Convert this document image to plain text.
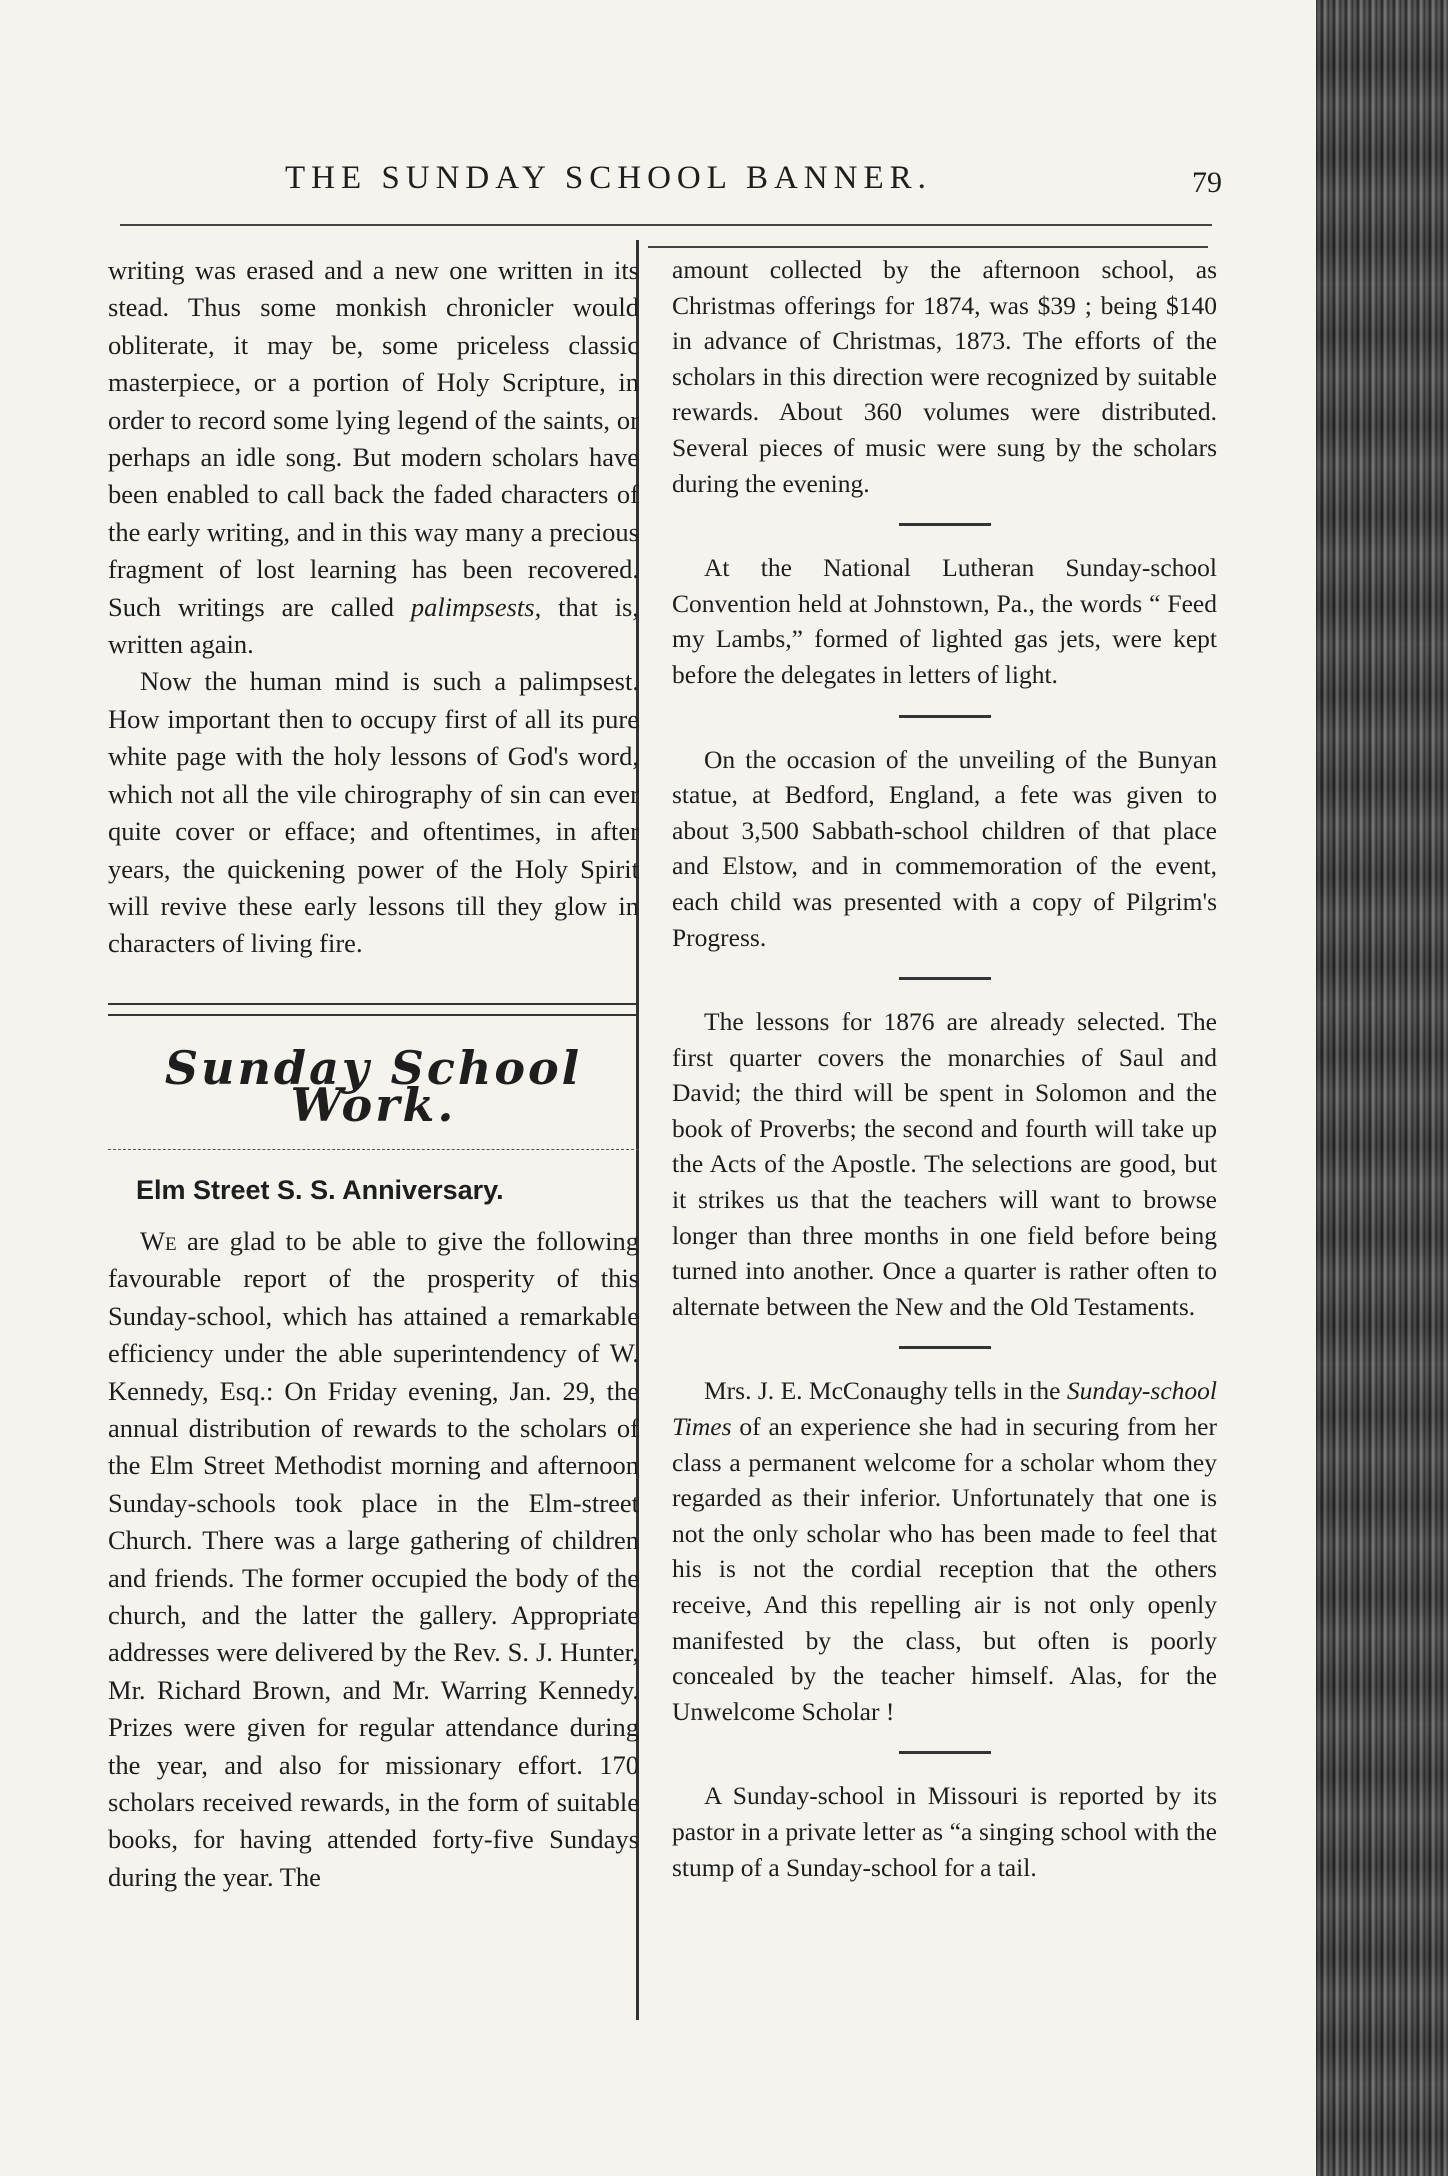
THE SUNDAY SCHOOL BANNER.	79

writing was erased and a new one written in its stead. Thus some monkish chronicler would obliterate, it may be, some priceless classic masterpiece, or a portion of Holy Scripture, in order to record some lying legend of the saints, or perhaps an idle song. But modern scholars have been enabled to call back the faded characters of the early writing, and in this way many a precious fragment of lost learning has been recovered. Such writings are called palimpsests, that is, written again.

Now the human mind is such a palimpsest. How important then to occupy first of all its pure white page with the holy lessons of God's word, which not all the vile chirography of sin can ever quite cover or efface; and oftentimes, in after years, the quickening power of the Holy Spirit will revive these early lessons till they glow in characters of living fire.

Sunday School Work.
Elm Street S. S. Anniversary.

We are glad to be able to give the following favourable report of the prosperity of this Sunday-school, which has attained a remarkable efficiency under the able superintendency of W. Kennedy, Esq.: On Friday evening, Jan. 29, the annual distribution of rewards to the scholars of the Elm Street Methodist morning and afternoon Sunday-schools took place in the Elm-street Church. There was a large gathering of children and friends. The former occupied the body of the church, and the latter the gallery. Appropriate addresses were delivered by the Rev. S. J. Hunter, Mr. Richard Brown, and Mr. Warring Kennedy. Prizes were given for regular attendance during the year, and also for missionary effort. 170 scholars received rewards, in the form of suitable books, for having attended forty-five Sundays during the year. The

amount collected by the afternoon school, as Christmas offerings for 1874, was $39 ; being $140 in advance of Christmas, 1873. The efforts of the scholars in this direction were recognized by suitable rewards. About 360 volumes were distributed. Several pieces of music were sung by the scholars during the evening.

At the National Lutheran Sunday-school Convention held at Johnstown, Pa., the words “ Feed my Lambs,” formed of lighted gas jets, were kept before the delegates in letters of light.

On the occasion of the unveiling of the Bunyan statue, at Bedford, England, a fete was given to about 3,500 Sabbath-school children of that place and Elstow, and in commemoration of the event, each child was presented with a copy of Pilgrim's Progress.

The lessons for 1876 are already selected. The first quarter covers the monarchies of Saul and David; the third will be spent in Solomon and the book of Proverbs; the second and fourth will take up the Acts of the Apostle. The selections are good, but it strikes us that the teachers will want to browse longer than three months in one field before being turned into another. Once a quarter is rather often to alternate between the New and the Old Testaments.

Mrs. J. E. McConaughy tells in the Sunday-school Times of an experience she had in securing from her class a permanent welcome for a scholar whom they regarded as their inferior. Unfortunately that one is not the only scholar who has been made to feel that his is not the cordial reception that the others receive, And this repelling air is not only openly manifested by the class, but often is poorly concealed by the teacher himself. Alas, for the Unwelcome Scholar !

A Sunday-school in Missouri is reported by its pastor in a private letter as “a singing school with the stump of a Sunday-school for a tail.
